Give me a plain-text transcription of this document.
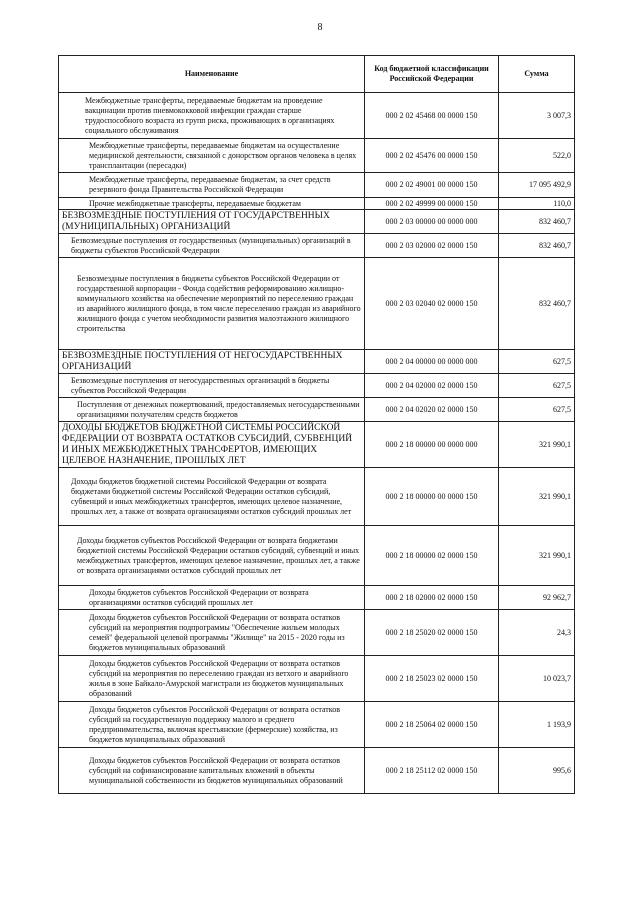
8
Наименование	Код бюджетной классификации Российской Федерации	Сумма
Межбюджетные трансферты, передаваемые бюджетам на проведение вакцинации против пневмококковой инфекции граждан старше трудоспособного возраста из групп риска, проживающих в организациях социального обслуживания	000 2 02 45468 00 0000 150	3 007,3
Межбюджетные трансферты, передаваемые бюджетам на осуществление медицинской деятельности, связанной с донорством органов человека в целях трансплантации (пересадки)	000 2 02 45476 00 0000 150	522,0
Межбюджетные трансферты, передаваемые бюджетам, за счет средств резервного фонда Правительства Российской Федерации	000 2 02 49001 00 0000 150	17 095 492,9
Прочие межбюджетные трансферты, передаваемые бюджетам	000 2 02 49999 00 0000 150	110,0
БЕЗВОЗМЕЗДНЫЕ ПОСТУПЛЕНИЯ ОТ ГОСУДАРСТВЕННЫХ (МУНИЦИПАЛЬНЫХ) ОРГАНИЗАЦИЙ	000 2 03 00000 00 0000 000	832 460,7
Безвозмездные поступления от государственных (муниципальных) организаций в бюджеты субъектов Российской Федерации	000 2 03 02000 02 0000 150	832 460,7
Безвозмездные поступления в бюджеты субъектов Российской Федерации от государственной корпорации - Фонда содействия реформированию жилищно-коммунального хозяйства на обеспечение мероприятий по переселению граждан из аварийного жилищного фонда, в том числе переселению граждан из аварийного жилищного фонда с учетом необходимости развития малоэтажного жилищного строительства	000 2 03 02040 02 0000 150	832 460,7
БЕЗВОЗМЕЗДНЫЕ ПОСТУПЛЕНИЯ ОТ НЕГОСУДАРСТВЕННЫХ ОРГАНИЗАЦИЙ	000 2 04 00000 00 0000 000	627,5
Безвозмездные поступления от негосударственных организаций в бюджеты субъектов Российской Федерации	000 2 04 02000 02 0000 150	627,5
Поступления от денежных пожертвований, предоставляемых негосударственными организациями получателям средств бюджетов	000 2 04 02020 02 0000 150	627,5
ДОХОДЫ БЮДЖЕТОВ БЮДЖЕТНОЙ СИСТЕМЫ РОССИЙСКОЙ ФЕДЕРАЦИИ ОТ ВОЗВРАТА ОСТАТКОВ СУБСИДИЙ, СУБВЕНЦИЙ И ИНЫХ МЕЖБЮДЖЕТНЫХ ТРАНСФЕРТОВ, ИМЕЮЩИХ ЦЕЛЕВОЕ НАЗНАЧЕНИЕ, ПРОШЛЫХ ЛЕТ	000 2 18 00000 00 0000 000	321 990,1
Доходы бюджетов бюджетной системы Российской Федерации от возврата бюджетами бюджетной системы Российской Федерации остатков субсидий, субвенций и иных межбюджетных трансфертов, имеющих целевое назначение, прошлых лет, а также от возврата организациями остатков субсидий прошлых лет	000 2 18 00000 00 0000 150	321 990,1
Доходы бюджетов субъектов Российской Федерации от возврата бюджетами бюджетной системы Российской Федерации остатков субсидий, субвенций и иных межбюджетных трансфертов, имеющих целевое назначение, прошлых лет, а также от возврата организациями остатков субсидий прошлых лет	000 2 18 00000 02 0000 150	321 990,1
Доходы бюджетов субъектов Российской Федерации от возврата организациями остатков субсидий прошлых лет	000 2 18 02000 02 0000 150	92 962,7
Доходы бюджетов субъектов Российской Федерации от возврата остатков субсидий на мероприятия подпрограммы "Обеспечение жильем молодых семей" федеральной целевой программы "Жилище" на 2015 - 2020 годы из бюджетов муниципальных образований	000 2 18 25020 02 0000 150	24,3
Доходы бюджетов субъектов Российской Федерации от возврата остатков субсидий на мероприятия по переселению граждан из ветхого и аварийного жилья в зоне Байкало-Амурской магистрали из бюджетов муниципальных образований	000 2 18 25023 02 0000 150	10 023,7
Доходы бюджетов субъектов Российской Федерации от возврата остатков субсидий на государственную поддержку малого и среднего предпринимательства, включая крестьянские (фермерские) хозяйства, из бюджетов муниципальных образований	000 2 18 25064 02 0000 150	1 193,9
Доходы бюджетов субъектов Российской Федерации от возврата остатков субсидий на софинансирование капитальных вложений в объекты муниципальной собственности из бюджетов муниципальных образований	000 2 18 25112 02 0000 150	995,6
